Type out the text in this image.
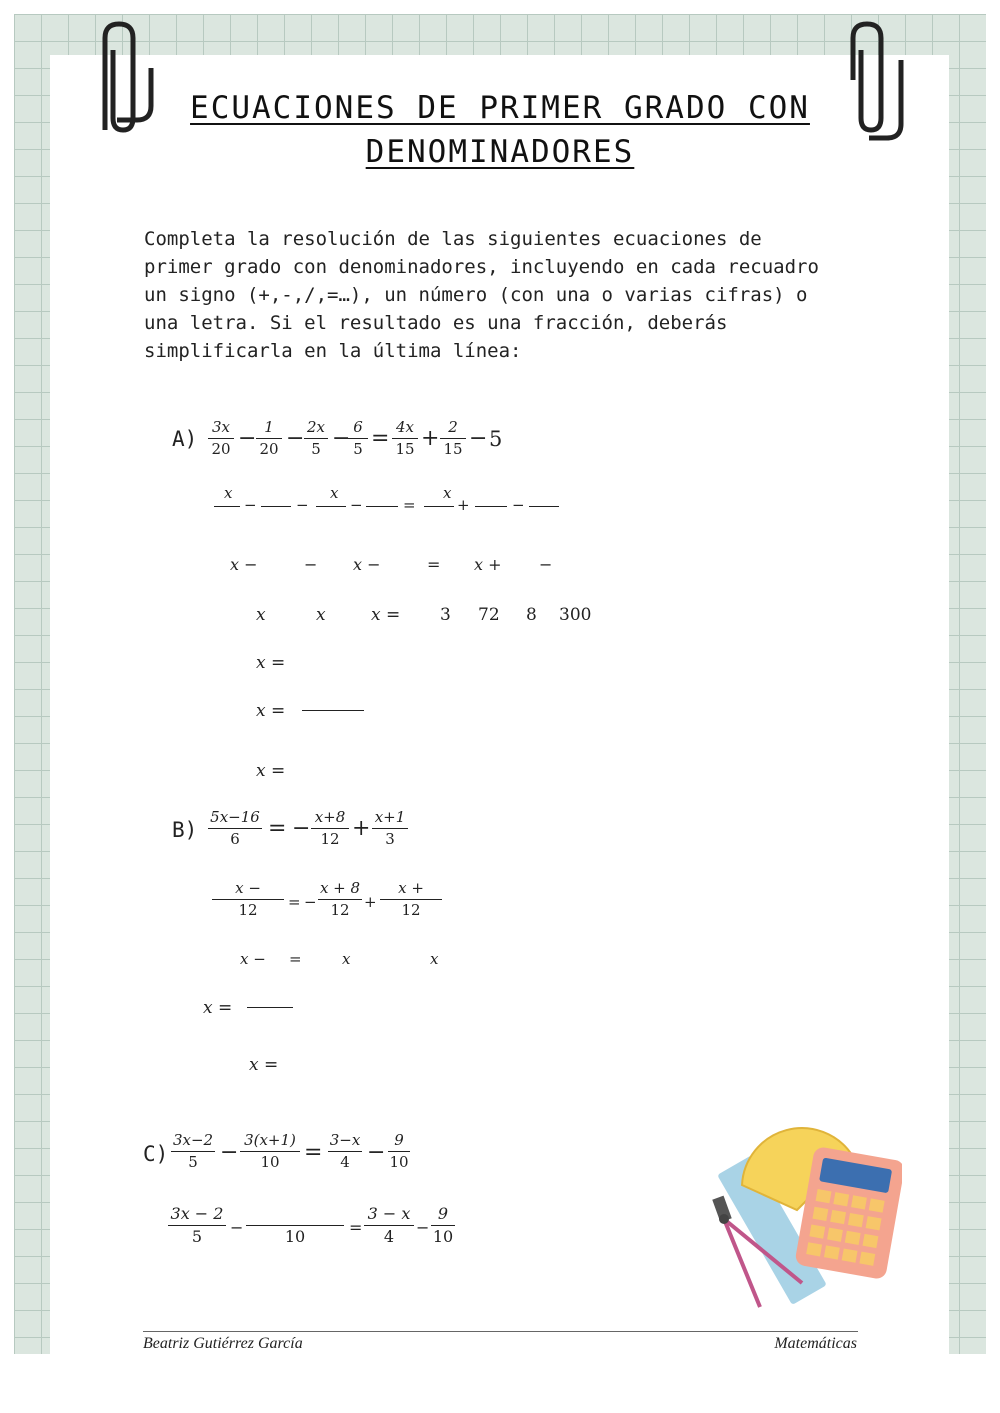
ECUACIONES DE PRIMER GRADO CON
DENOMINADORES

Completa la resolución de las siguientes ecuaciones de

primer grado con denominadores, incluyendo en cada recuadro

un signo (+,-,/,=…), un número (con una o varias cifras) o

una letra. Si el resultado es una fracción, deberás

simplificarla en la última línea:

$A) \frac{3x}{20} - \frac{1}{20} - \frac{2x}{5}$ −
$\frac{6}{5} = \frac{4x}{15} + \frac{2}{15} - 5$
x
−	−
x
−	=
x
+	−
x −	− x −	= x + −
x	x	x = 3 72 8 300
x =
x =
x =
$B) \frac{5x-16}{6}$ = − $\frac{x+8}{12} + \frac{x+1}{3}$
$\frac{x -}{12}$ = − $\frac{x + 8}{12} + \frac{x +}{12}$
x − =	x	x
x =
x =
$C) \frac{3x-2}{5} - \frac{3(x+1)}{10} = \frac{3-x}{4} - \frac{9}{10}$
$\frac{3x - 2}{5}$ −
	10	= $\frac{3 - x}{4} - \frac{9}{10}$
Beatriz Gutiérrez García	Matemáticas
